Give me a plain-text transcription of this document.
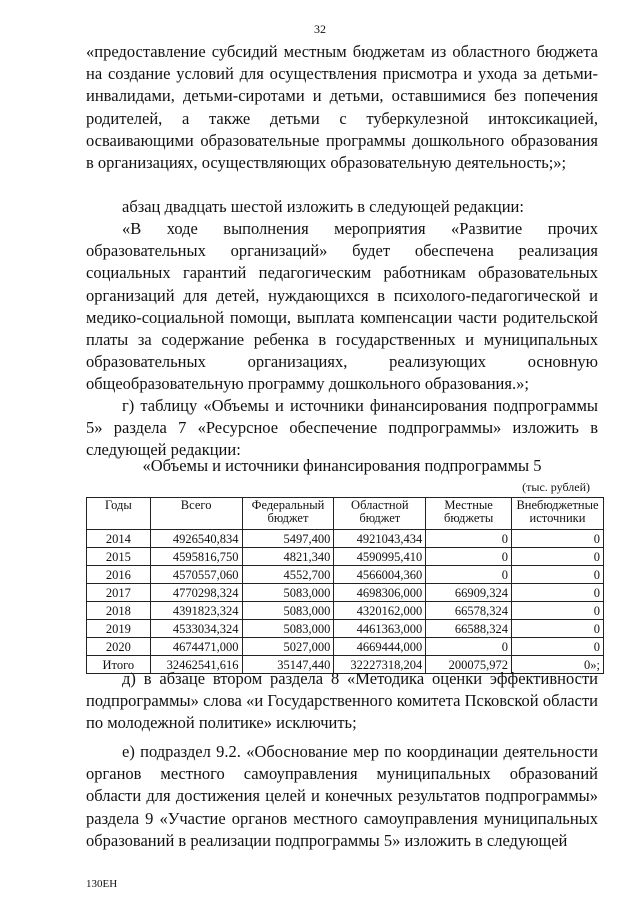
32

«предоставление субсидий местным бюджетам из областного бюджета на создание условий для осуществления присмотра и ухода за детьми-инвалидами, детьми-сиротами и детьми, оставшимися без попечения родителей, а также детьми с туберкулезной интоксикацией, осваивающими образовательные программы дошкольного образования в организациях, осуществляющих образовательную деятельность;»;

абзац двадцать шестой изложить в следующей редакции:

«В ходе выполнения мероприятия «Развитие прочих образовательных организаций» будет обеспечена реализация социальных гарантий педагогическим работникам образовательных организаций для детей, нуждающихся в психолого-педагогической и медико-социальной помощи, выплата компенсации части родительской платы за содержание ребенка в государственных и муниципальных образовательных организациях, реализующих основную общеобразовательную программу дошкольного образования.»;

г) таблицу «Объемы и источники финансирования подпрограммы 5» раздела 7 «Ресурсное обеспечение подпрограммы» изложить в следующей редакции:

«Объемы и источники финансирования подпрограммы 5

(тыс. рублей)
Годы	Всего	Федеральный бюджет	Областной бюджет	Местные бюджеты	Внебюджетные источники
2014	4926540,834	5497,400	4921043,434	0	0
2015	4595816,750	4821,340	4590995,410	0	0
2016	4570557,060	4552,700	4566004,360	0	0
2017	4770298,324	5083,000	4698306,000	66909,324	0
2018	4391823,324	5083,000	4320162,000	66578,324	0
2019	4533034,324	5083,000	4461363,000	66588,324	0
2020	4674471,000	5027,000	4669444,000	0	0
Итого	32462541,616	35147,440	32227318,204	200075,972	0»;

д) в абзаце втором раздела 8 «Методика оценки эффективности подпрограммы» слова «и Государственного комитета Псковской области по молодежной политике» исключить;

е) подраздел 9.2. «Обоснование мер по координации деятельности органов местного самоуправления муниципальных образований области для достижения целей и конечных результатов подпрограммы» раздела 9 «Участие органов местного самоуправления муниципальных образований в реализации подпрограммы 5» изложить в следующей

130ЕН
